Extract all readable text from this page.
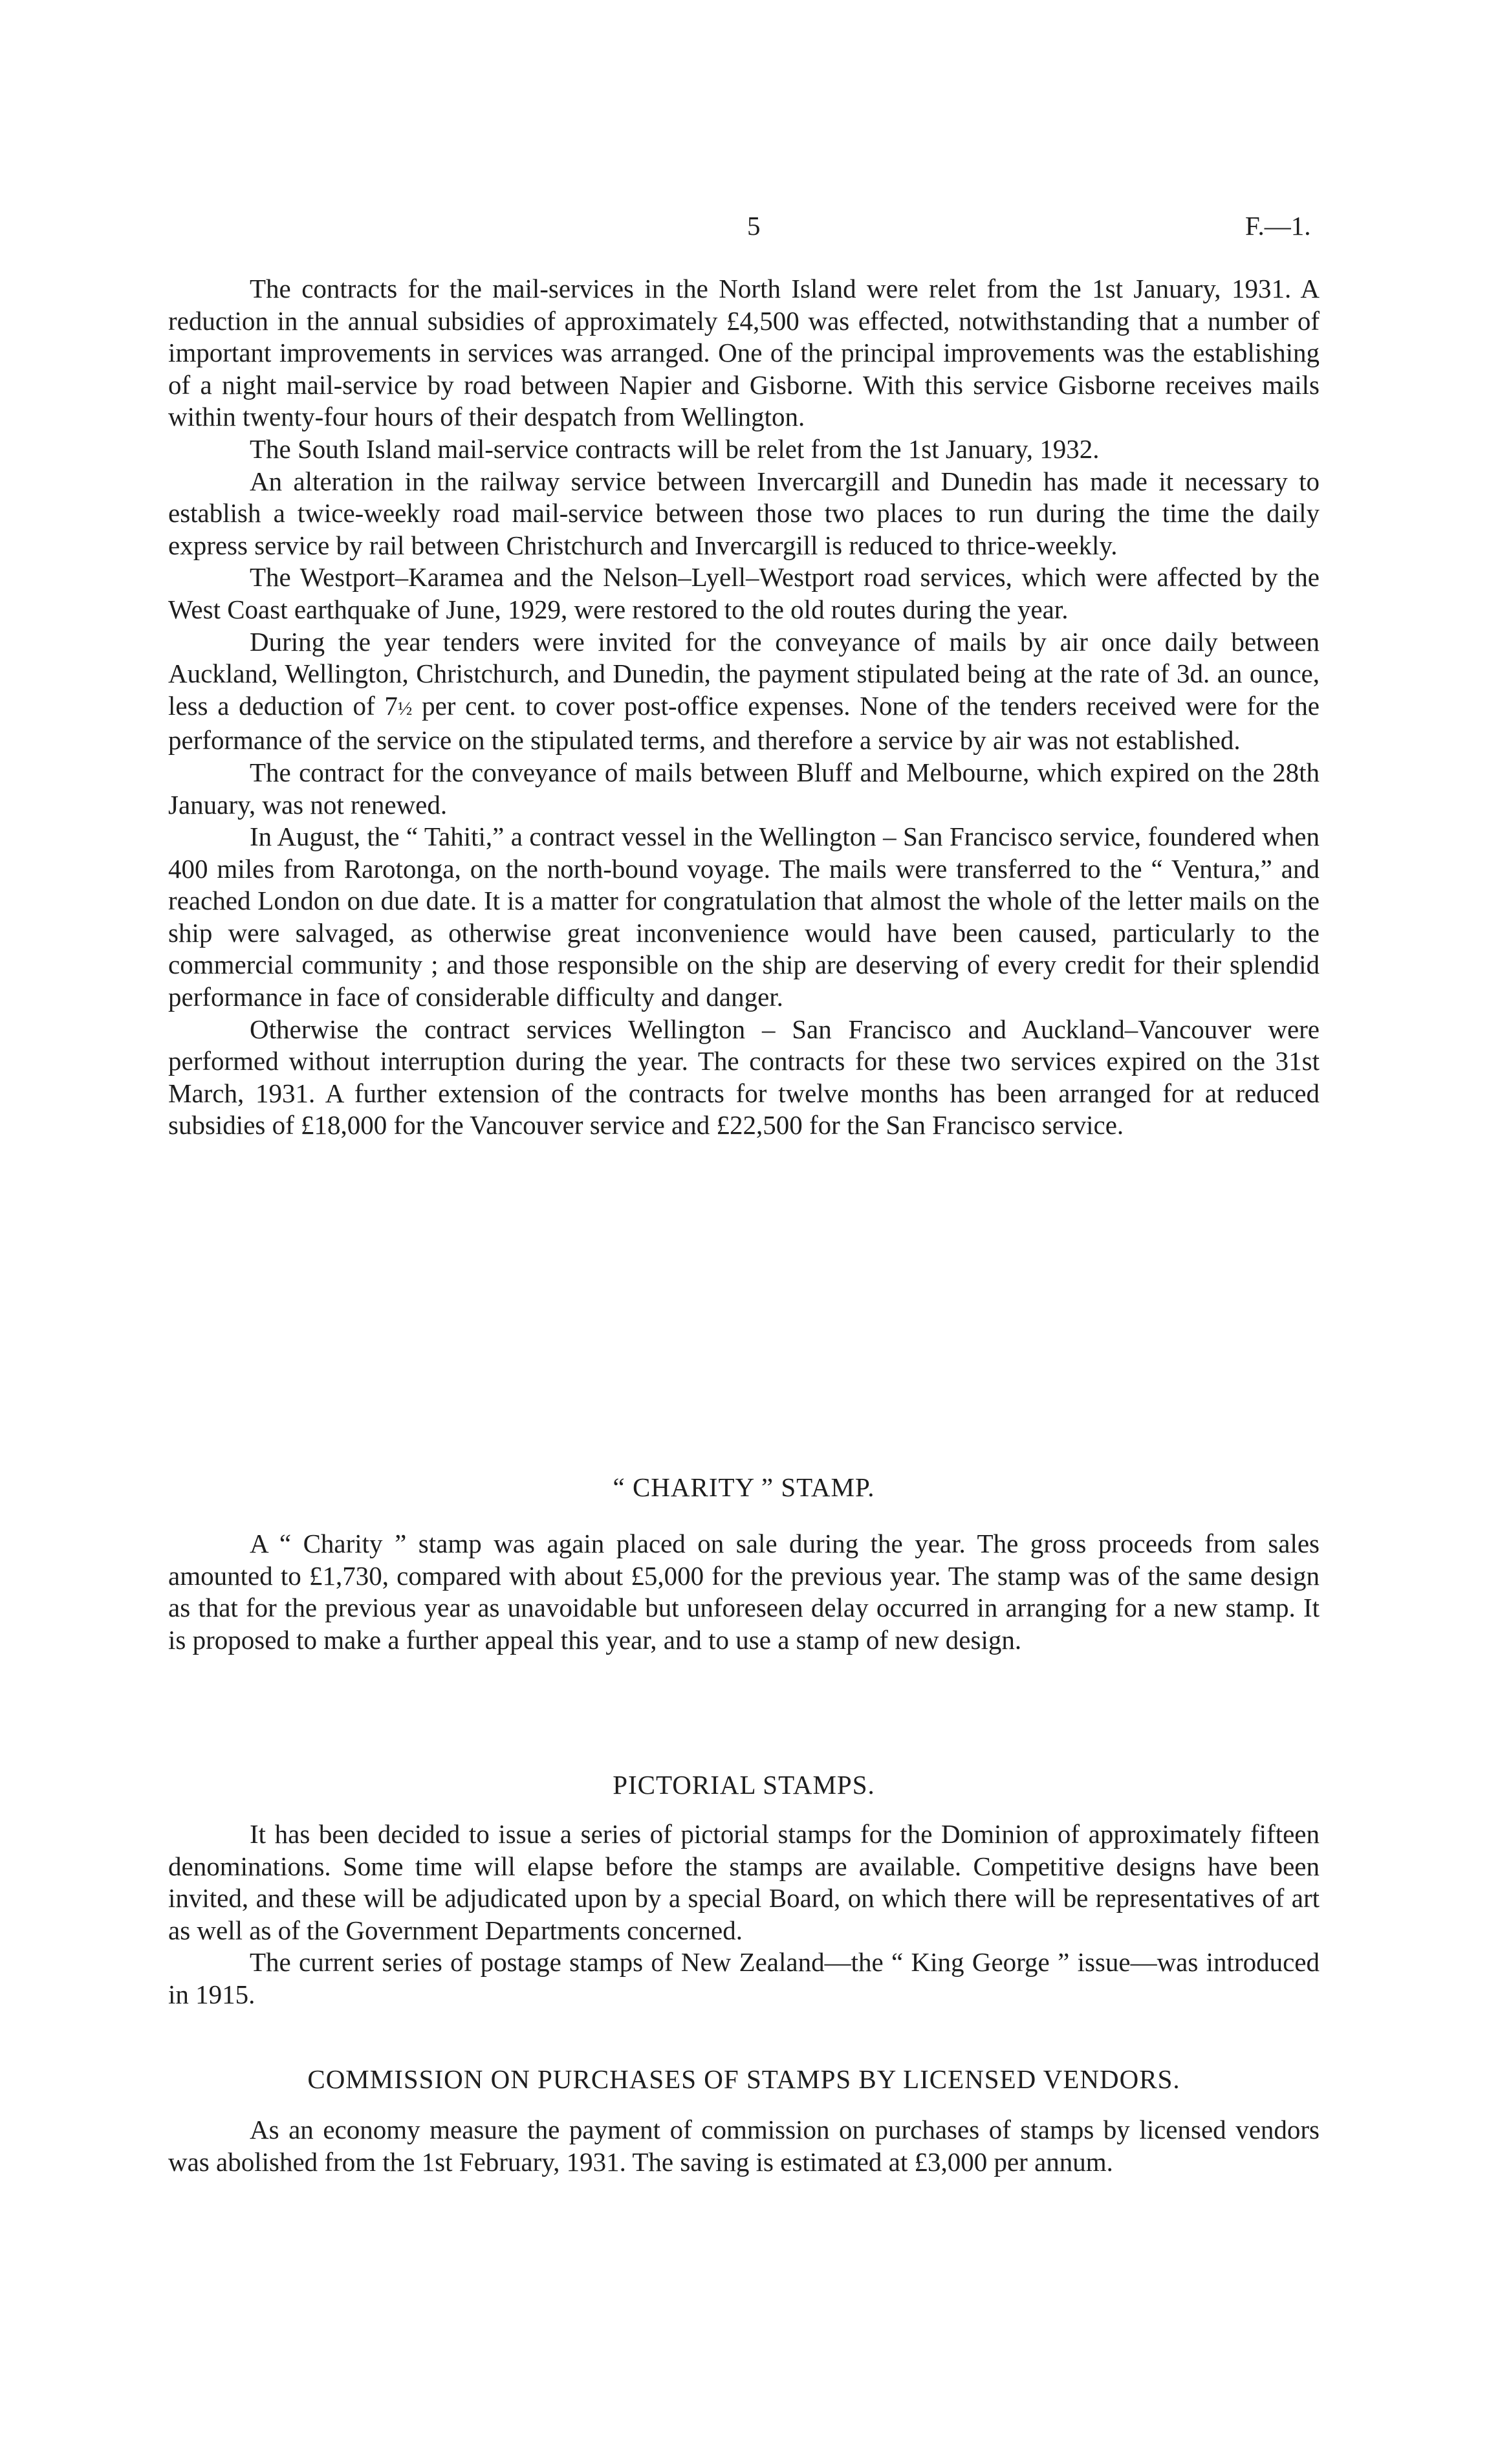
5	F.—1.

The contracts for the mail-services in the North Island were relet from the 1st January, 1931. A reduction in the annual subsidies of approximately £4,500 was effected, notwithstanding that a number of important improvements in services was arranged. One of the principal improvements was the establishing of a night mail-service by road between Napier and Gisborne. With this service Gisborne receives mails within twenty-four hours of their despatch from Wellington.

The South Island mail-service contracts will be relet from the 1st January, 1932.

An alteration in the railway service between Invercargill and Dunedin has made it necessary to establish a twice-weekly road mail-service between those two places to run during the time the daily express service by rail between Christchurch and Invercargill is reduced to thrice-weekly.

The Westport–Karamea and the Nelson–Lyell–Westport road services, which were affected by the West Coast earthquake of June, 1929, were restored to the old routes during the year.

During the year tenders were invited for the conveyance of mails by air once daily between Auckland, Wellington, Christchurch, and Dunedin, the payment stipulated being at the rate of 3d. an ounce, less a deduction of 7½ per cent. to cover post-office expenses. None of the tenders received were for the performance of the service on the stipulated terms, and therefore a service by air was not established.

The contract for the conveyance of mails between Bluff and Melbourne, which expired on the 28th January, was not renewed.

In August, the “ Tahiti,” a contract vessel in the Wellington – San Francisco service, foundered when 400 miles from Rarotonga, on the north-bound voyage. The mails were transferred to the “ Ventura,” and reached London on due date. It is a matter for congratulation that almost the whole of the letter mails on the ship were salvaged, as otherwise great inconvenience would have been caused, particularly to the commercial community ; and those responsible on the ship are deserving of every credit for their splendid performance in face of considerable difficulty and danger.

Otherwise the contract services Wellington – San Francisco and Auckland–Vancouver were performed without interruption during the year. The contracts for these two services expired on the 31st March, 1931. A further extension of the contracts for twelve months has been arranged for at reduced subsidies of £18,000 for the Vancouver service and £22,500 for the San Francisco service.

“ CHARITY ” STAMP.

A “ Charity ” stamp was again placed on sale during the year. The gross proceeds from sales amounted to £1,730, compared with about £5,000 for the previous year. The stamp was of the same design as that for the previous year as unavoidable but unforeseen delay occurred in arranging for a new stamp. It is proposed to make a further appeal this year, and to use a stamp of new design.

PICTORIAL STAMPS.

It has been decided to issue a series of pictorial stamps for the Dominion of approximately fifteen denominations. Some time will elapse before the stamps are available. Competitive designs have been invited, and these will be adjudicated upon by a special Board, on which there will be representatives of art as well as of the Government Departments concerned.

The current series of postage stamps of New Zealand—the “ King George ” issue—was introduced in 1915.

COMMISSION ON PURCHASES OF STAMPS BY LICENSED VENDORS.

As an economy measure the payment of commission on purchases of stamps by licensed vendors was abolished from the 1st February, 1931. The saving is estimated at £3,000 per annum.
